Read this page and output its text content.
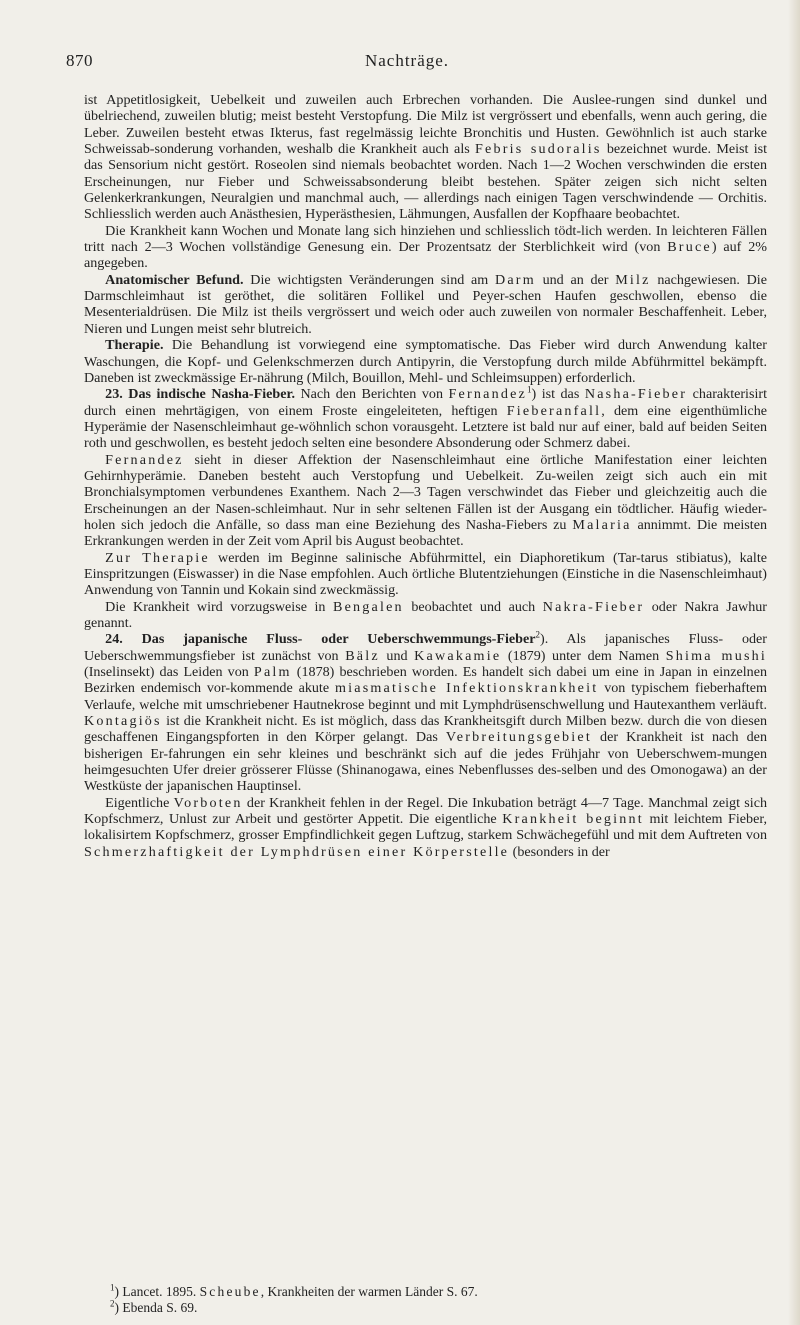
870	Nachträge.

ist Appetitlosigkeit, Uebelkeit und zuweilen auch Erbrechen vorhanden. Die Auslee-rungen sind dunkel und übelriechend, zuweilen blutig; meist besteht Verstopfung. Die Milz ist vergrössert und ebenfalls, wenn auch gering, die Leber. Zuweilen besteht etwas Ikterus, fast regelmässig leichte Bronchitis und Husten. Gewöhnlich ist auch starke Schweissab-sonderung vorhanden, weshalb die Krankheit auch als Febris sudoralis bezeichnet wurde. Meist ist das Sensorium nicht gestört. Roseolen sind niemals beobachtet worden. Nach 1—2 Wochen verschwinden die ersten Erscheinungen, nur Fieber und Schweissabsonderung bleibt bestehen. Später zeigen sich nicht selten Gelenkerkrankungen, Neuralgien und manchmal auch, — allerdings nach einigen Tagen verschwindende — Orchitis. Schliesslich werden auch Anästhesien, Hyperästhesien, Lähmungen, Ausfallen der Kopfhaare beobachtet.

Die Krankheit kann Wochen und Monate lang sich hinziehen und schliesslich tödt-lich werden. In leichteren Fällen tritt nach 2—3 Wochen vollständige Genesung ein. Der Prozentsatz der Sterblichkeit wird (von Bruce) auf 2% angegeben.

Anatomischer Befund. Die wichtigsten Veränderungen sind am Darm und an der Milz nachgewiesen. Die Darmschleimhaut ist geröthet, die solitären Follikel und Peyer-schen Haufen geschwollen, ebenso die Mesenterialdrüsen. Die Milz ist theils vergrössert und weich oder auch zuweilen von normaler Beschaffenheit. Leber, Nieren und Lungen meist sehr blutreich.

Therapie. Die Behandlung ist vorwiegend eine symptomatische. Das Fieber wird durch Anwendung kalter Waschungen, die Kopf- und Gelenkschmerzen durch Antipyrin, die Verstopfung durch milde Abführmittel bekämpft. Daneben ist zweckmässige Er-nährung (Milch, Bouillon, Mehl- und Schleimsuppen) erforderlich.

23. Das indische Nasha-Fieber. Nach den Berichten von Fernandez$^1$) ist das Nasha-Fieber charakterisirt durch einen mehrtägigen, von einem Froste eingeleiteten, heftigen Fieberanfall, dem eine eigenthümliche Hyperämie der Nasenschleimhaut ge-wöhnlich schon vorausgeht. Letztere ist bald nur auf einer, bald auf beiden Seiten roth und geschwollen, es besteht jedoch selten eine besondere Absonderung oder Schmerz dabei.

Fernandez sieht in dieser Affektion der Nasenschleimhaut eine örtliche Manifestation einer leichten Gehirnhyperämie. Daneben besteht auch Verstopfung und Uebelkeit. Zu-weilen zeigt sich auch ein mit Bronchialsymptomen verbundenes Exanthem. Nach 2—3 Tagen verschwindet das Fieber und gleichzeitig auch die Erscheinungen an der Nasen-schleimhaut. Nur in sehr seltenen Fällen ist der Ausgang ein tödtlicher. Häufig wieder-holen sich jedoch die Anfälle, so dass man eine Beziehung des Nasha-Fiebers zu Malaria annimmt. Die meisten Erkrankungen werden in der Zeit vom April bis August beobachtet.

Zur Therapie werden im Beginne salinische Abführmittel, ein Diaphoretikum (Tar-tarus stibiatus), kalte Einspritzungen (Eiswasser) in die Nase empfohlen. Auch örtliche Blutentziehungen (Einstiche in die Nasenschleimhaut) Anwendung von Tannin und Kokain sind zweckmässig.

Die Krankheit wird vorzugsweise in Bengalen beobachtet und auch Nakra-Fieber oder Nakra Jawhur genannt.

24. Das japanische Fluss- oder Ueberschwemmungs-Fieber$^2$). Als japanisches Fluss- oder Ueberschwemmungsfieber ist zunächst von Bälz und Kawakamie (1879) unter dem Namen Shima mushi (Inselinsekt) das Leiden von Palm (1878) beschrieben worden. Es handelt sich dabei um eine in Japan in einzelnen Bezirken endemisch vor-kommende akute miasmatische Infektionskrankheit von typischem fieberhaftem Verlaufe, welche mit umschriebener Hautnekrose beginnt und mit Lymphdrüsenschwellung und Hautexanthem verläuft. Kontagiös ist die Krankheit nicht. Es ist möglich, dass das Krankheitsgift durch Milben bezw. durch die von diesen geschaffenen Eingangspforten in den Körper gelangt. Das Verbreitungsgebiet der Krankheit ist nach den bisherigen Er-fahrungen ein sehr kleines und beschränkt sich auf die jedes Frühjahr von Ueberschwem-mungen heimgesuchten Ufer dreier grösserer Flüsse (Shinanogawa, eines Nebenflusses des-selben und des Omonogawa) an der Westküste der japanischen Hauptinsel.

Eigentliche Vorboten der Krankheit fehlen in der Regel. Die Inkubation beträgt 4—7 Tage. Manchmal zeigt sich Kopfschmerz, Unlust zur Arbeit und gestörter Appetit. Die eigentliche Krankheit beginnt mit leichtem Fieber, lokalisirtem Kopfschmerz, grosser Empfindlichkeit gegen Luftzug, starkem Schwächegefühl und mit dem Auftreten von Schmerzhaftigkeit der Lymphdrüsen einer Körperstelle (besonders in der

$^1$) Lancet. 1895. Scheube, Krankheiten der warmen Länder S. 67.

$^2$) Ebenda S. 69.
